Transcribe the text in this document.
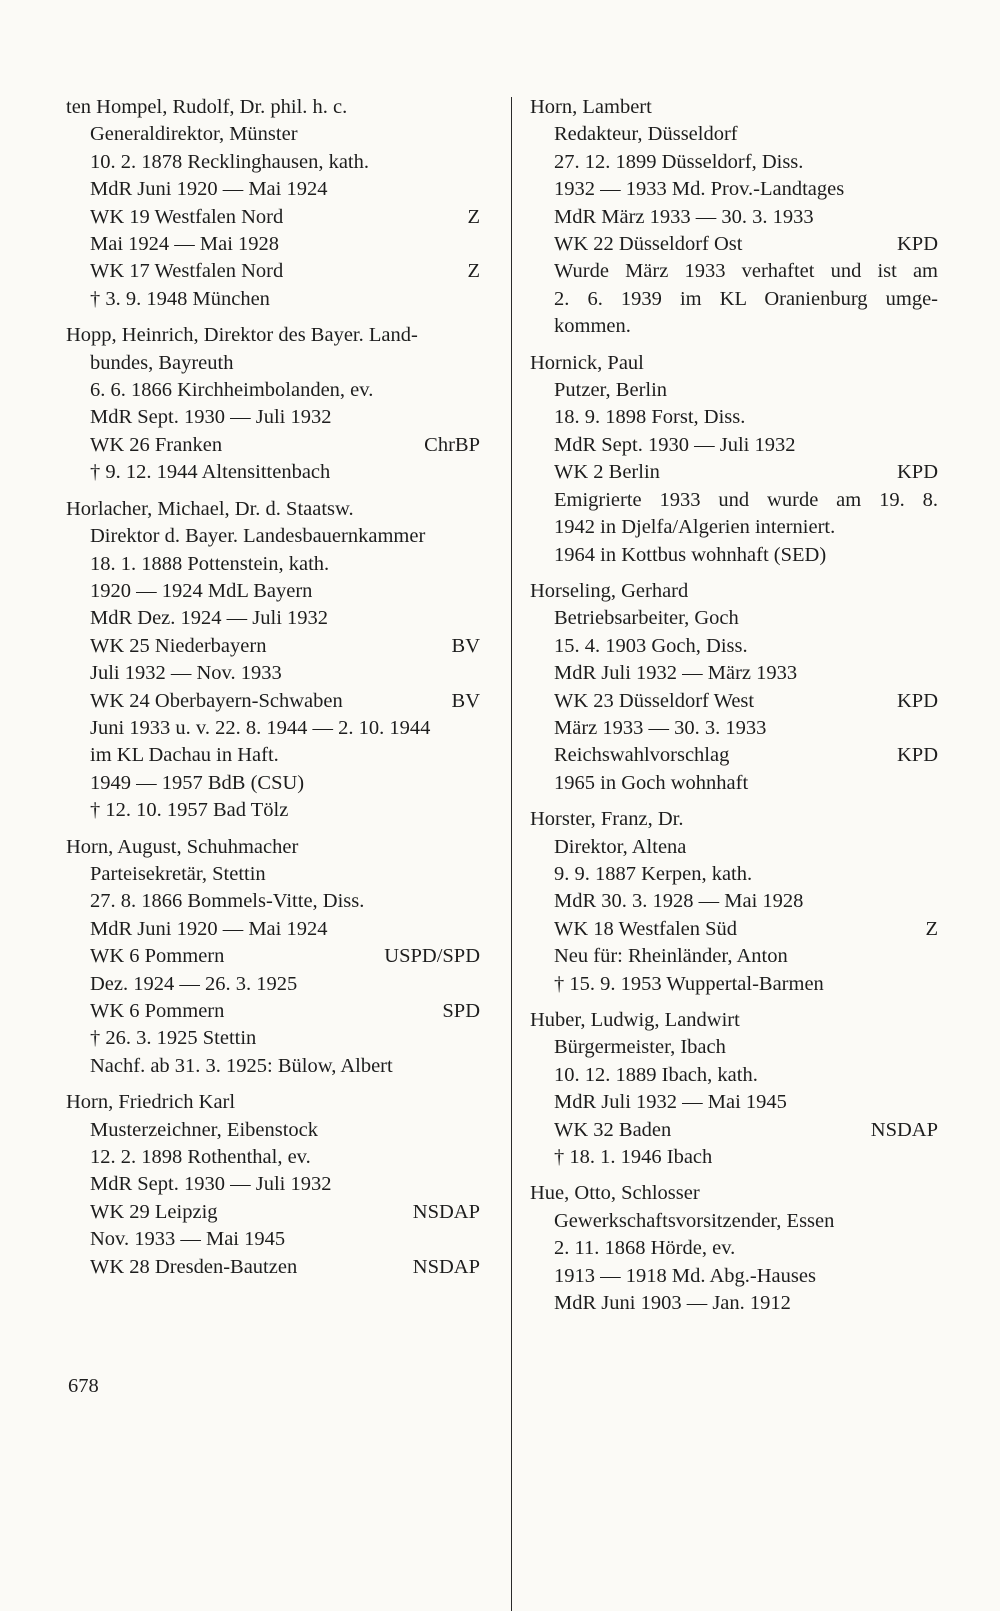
ten Hompel, Rudolf, Dr. phil. h. c.
Generaldirektor, Münster
10. 2. 1878 Recklinghausen, kath.
MdR Juni 1920 — Mai 1924
WK 19 Westfalen Nord	Z
Mai 1924 — Mai 1928
WK 17 Westfalen Nord	Z
† 3. 9. 1948 München
Hopp, Heinrich, Direktor des Bayer. Land-
bundes, Bayreuth
6. 6. 1866 Kirchheimbolanden, ev.
MdR Sept. 1930 — Juli 1932
WK 26 Franken	ChrBP
† 9. 12. 1944 Altensittenbach
Horlacher, Michael, Dr. d. Staatsw.
Direktor d. Bayer. Landesbauernkammer
18. 1. 1888 Pottenstein, kath.
1920 — 1924 MdL Bayern
MdR Dez. 1924 — Juli 1932
WK 25 Niederbayern	BV
Juli 1932 — Nov. 1933
WK 24 Oberbayern-Schwaben	BV
Juni 1933 u. v. 22. 8. 1944 — 2. 10. 1944
im KL Dachau in Haft.
1949 — 1957 BdB (CSU)
† 12. 10. 1957 Bad Tölz
Horn, August, Schuhmacher
Parteisekretär, Stettin
27. 8. 1866 Bommels-Vitte, Diss.
MdR Juni 1920 — Mai 1924
WK 6 Pommern	USPD/SPD
Dez. 1924 — 26. 3. 1925
WK 6 Pommern	SPD
† 26. 3. 1925 Stettin
Nachf. ab 31. 3. 1925: Bülow, Albert
Horn, Friedrich Karl
Musterzeichner, Eibenstock
12. 2. 1898 Rothenthal, ev.
MdR Sept. 1930 — Juli 1932
WK 29 Leipzig	NSDAP
Nov. 1933 — Mai 1945
WK 28 Dresden-Bautzen	NSDAP
Horn, Lambert
Redakteur, Düsseldorf
27. 12. 1899 Düsseldorf, Diss.
1932 — 1933 Md. Prov.-Landtages
MdR März 1933 — 30. 3. 1933
WK 22 Düsseldorf Ost	KPD
Wurde März 1933 verhaftet und ist am
2. 6. 1939 im KL Oranienburg umge-
kommen.
Hornick, Paul
Putzer, Berlin
18. 9. 1898 Forst, Diss.
MdR Sept. 1930 — Juli 1932
WK 2 Berlin	KPD
Emigrierte 1933 und wurde am 19. 8.
1942 in Djelfa/Algerien interniert.
1964 in Kottbus wohnhaft (SED)
Horseling, Gerhard
Betriebsarbeiter, Goch
15. 4. 1903 Goch, Diss.
MdR Juli 1932 — März 1933
WK 23 Düsseldorf West	KPD
März 1933 — 30. 3. 1933
Reichswahlvorschlag	KPD
1965 in Goch wohnhaft
Horster, Franz, Dr.
Direktor, Altena
9. 9. 1887 Kerpen, kath.
MdR 30. 3. 1928 — Mai 1928
WK 18 Westfalen Süd	Z
Neu für: Rheinländer, Anton
† 15. 9. 1953 Wuppertal-Barmen
Huber, Ludwig, Landwirt
Bürgermeister, Ibach
10. 12. 1889 Ibach, kath.
MdR Juli 1932 — Mai 1945
WK 32 Baden	NSDAP
† 18. 1. 1946 Ibach
Hue, Otto, Schlosser
Gewerkschaftsvorsitzender, Essen
2. 11. 1868 Hörde, ev.
1913 — 1918 Md. Abg.-Hauses
MdR Juni 1903 — Jan. 1912
678
